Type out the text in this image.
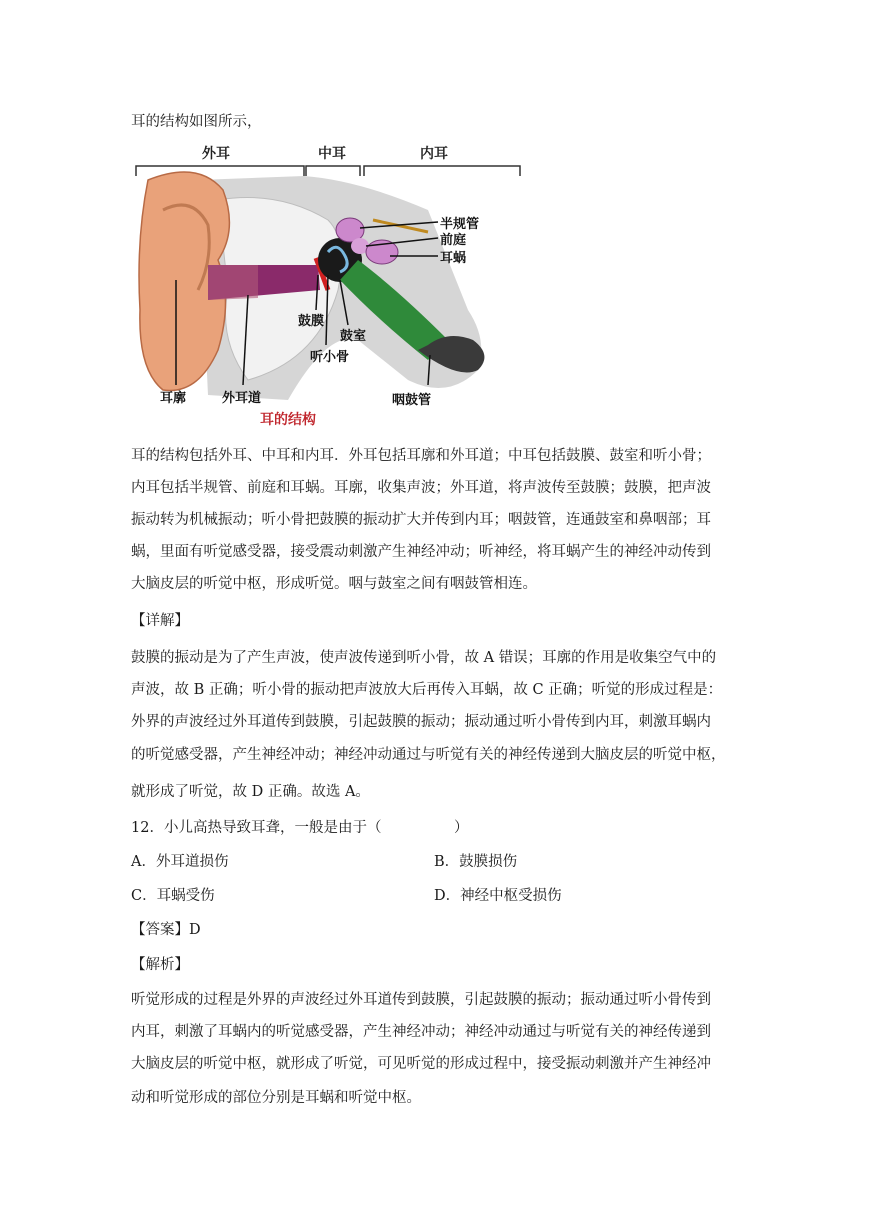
耳的结构如图所示，
外耳	中耳	内耳
半规管
前庭
耳蜗
鼓膜
鼓室
听小骨
耳廓	外耳道	咽鼓管
耳的结构
耳的结构包括外耳、中耳和内耳．外耳包括耳廓和外耳道；中耳包括鼓膜、鼓室和听小骨；
内耳包括半规管、前庭和耳蜗。耳廓，收集声波；外耳道，将声波传至鼓膜；鼓膜，把声波
振动转为机械振动；听小骨把鼓膜的振动扩大并传到内耳；咽鼓管，连通鼓室和鼻咽部；耳
蜗，里面有听觉感受器，接受震动刺激产生神经冲动；听神经，将耳蜗产生的神经冲动传到
大脑皮层的听觉中枢，形成听觉。咽与鼓室之间有咽鼓管相连。
【详解】
鼓膜的振动是为了产生声波，使声波传递到听小骨，故 A 错误；耳廓的作用是收集空气中的
声波，故 B 正确；听小骨的振动把声波放大后再传入耳蜗，故 C 正确；听觉的形成过程是：
外界的声波经过外耳道传到鼓膜，引起鼓膜的振动；振动通过听小骨传到内耳，刺激耳蜗内
的听觉感受器，产生神经冲动；神经冲动通过与听觉有关的神经传递到大脑皮层的听觉中枢，
就形成了听觉，故 D 正确。故选 A。
12．小儿高热导致耳聋，一般是由于（　　　　　）
A．外耳道损伤	B．鼓膜损伤
C．耳蜗受伤	D．神经中枢受损伤
【答案】D
【解析】
听觉形成的过程是外界的声波经过外耳道传到鼓膜，引起鼓膜的振动；振动通过听小骨传到
内耳，刺激了耳蜗内的听觉感受器，产生神经冲动；神经冲动通过与听觉有关的神经传递到
大脑皮层的听觉中枢，就形成了听觉，可见听觉的形成过程中，接受振动刺激并产生神经冲
动和听觉形成的部位分别是耳蜗和听觉中枢。
